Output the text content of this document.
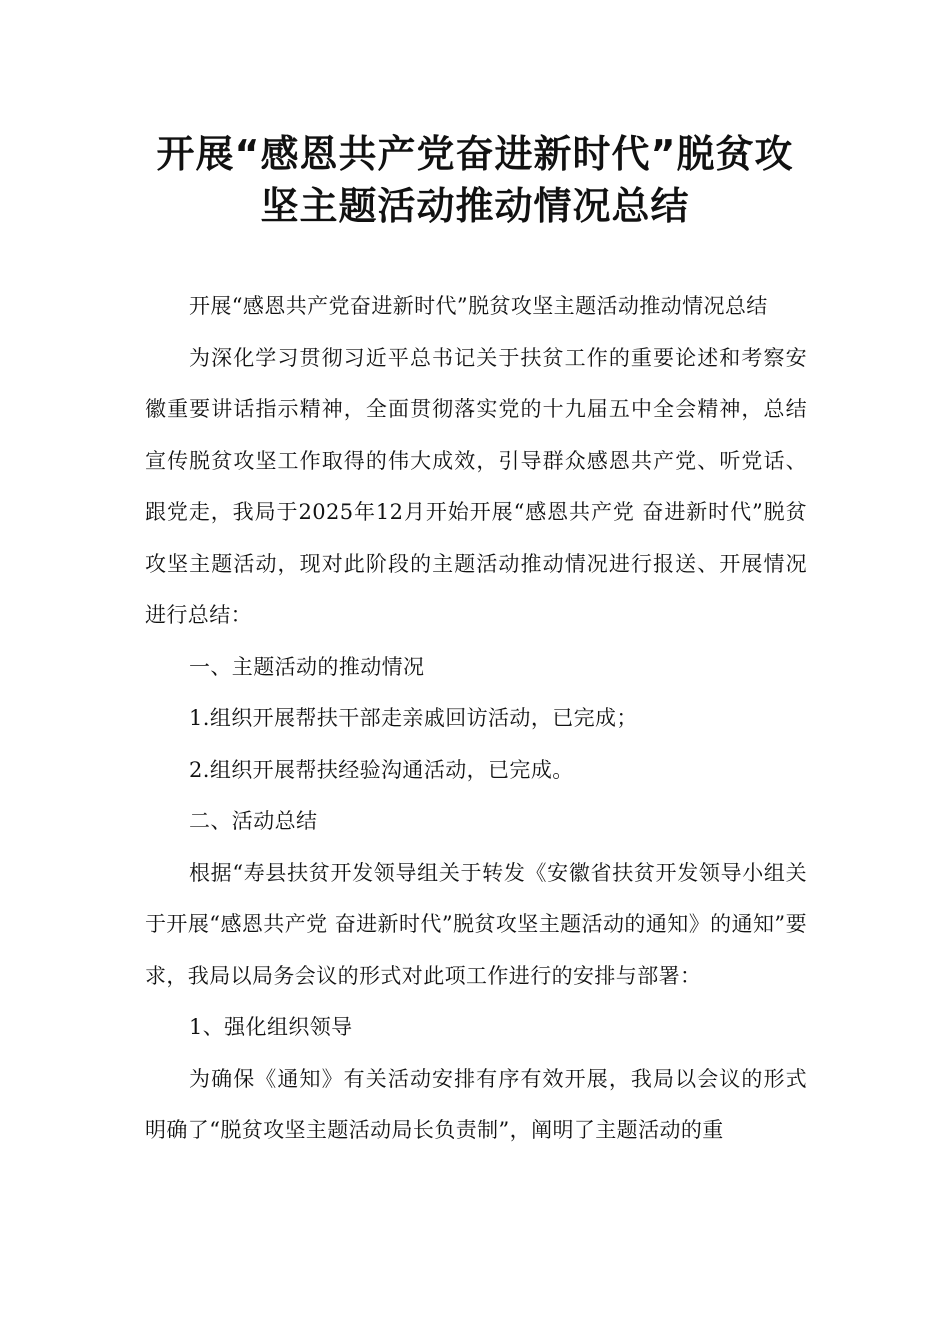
开展“感恩共产党奋进新时代”脱贫攻
坚主题活动推动情况总结

开展“感恩共产党奋进新时代”脱贫攻坚主题活动推动情况总结

为深化学习贯彻习近平总书记关于扶贫工作的重要论述和考察安徽重要讲话指示精神，全面贯彻落实党的十九届五中全会精神，总结宣传脱贫攻坚工作取得的伟大成效，引导群众感恩共产党、听党话、跟党走，我局于2025年12月开始开展“感恩共产党 奋进新时代”脱贫攻坚主题活动，现对此阶段的主题活动推动情况进行报送、开展情况进行总结：

一、主题活动的推动情况

1.组织开展帮扶干部走亲戚回访活动，已完成；

2.组织开展帮扶经验沟通活动，已完成。

二、活动总结

根据“寿县扶贫开发领导组关于转发《安徽省扶贫开发领导小组关于开展“感恩共产党 奋进新时代”脱贫攻坚主题活动的通知》的通知”要求，我局以局务会议的形式对此项工作进行的安排与部署：

1、强化组织领导

为确保《通知》有关活动安排有序有效开展，我局以会议的形式明确了“脱贫攻坚主题活动局长负责制”，阐明了主题活动的重
